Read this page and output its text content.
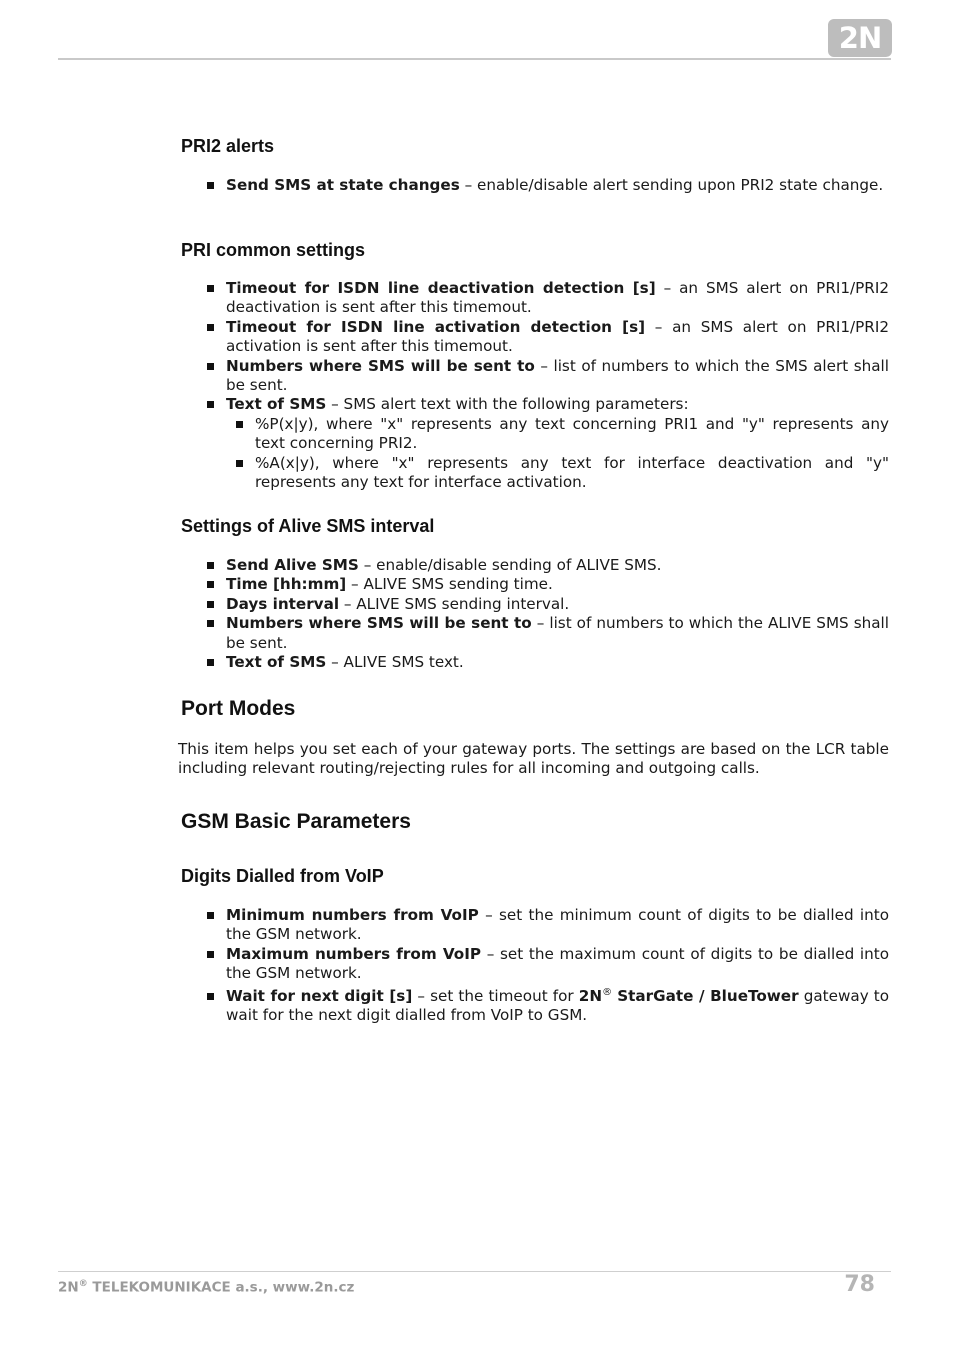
2N
PRI2 alerts
Send SMS at state changes – enable/disable alert sending upon PRI2 state change.
PRI common settings
Timeout for ISDN line deactivation detection [s] – an SMS alert on PRI1/PRI2 deactivation is sent after this timemout.
Timeout for ISDN line activation detection [s] – an SMS alert on PRI1/PRI2 activation is sent after this timemout.
Numbers where SMS will be sent to – list of numbers to which the SMS alert shall be sent.
Text of SMS – SMS alert text with the following parameters:
%P(x|y), where "x" represents any text concerning PRI1 and "y" represents any text concerning PRI2.
%A(x|y), where "x" represents any text for interface deactivation and "y" represents any text for interface activation.
Settings of Alive SMS interval
Send Alive SMS – enable/disable sending of ALIVE SMS.
Time [hh:mm] – ALIVE SMS sending time.
Days interval – ALIVE SMS sending interval.
Numbers where SMS will be sent to – list of numbers to which the ALIVE SMS shall be sent.
Text of SMS – ALIVE SMS text.
Port Modes

This item helps you set each of your gateway ports. The settings are based on the LCR table including relevant routing/rejecting rules for all incoming and outgoing calls.

GSM Basic Parameters
Digits Dialled from VoIP
Minimum numbers from VoIP – set the minimum count of digits to be dialled into the GSM network.
Maximum numbers from VoIP – set the maximum count of digits to be dialled into the GSM network.
Wait for next digit [s] – set the timeout for 2N® StarGate / BlueTower gateway to wait for the next digit dialled from VoIP to GSM.
2N® TELEKOMUNIKACE a.s., www.2n.cz	78
